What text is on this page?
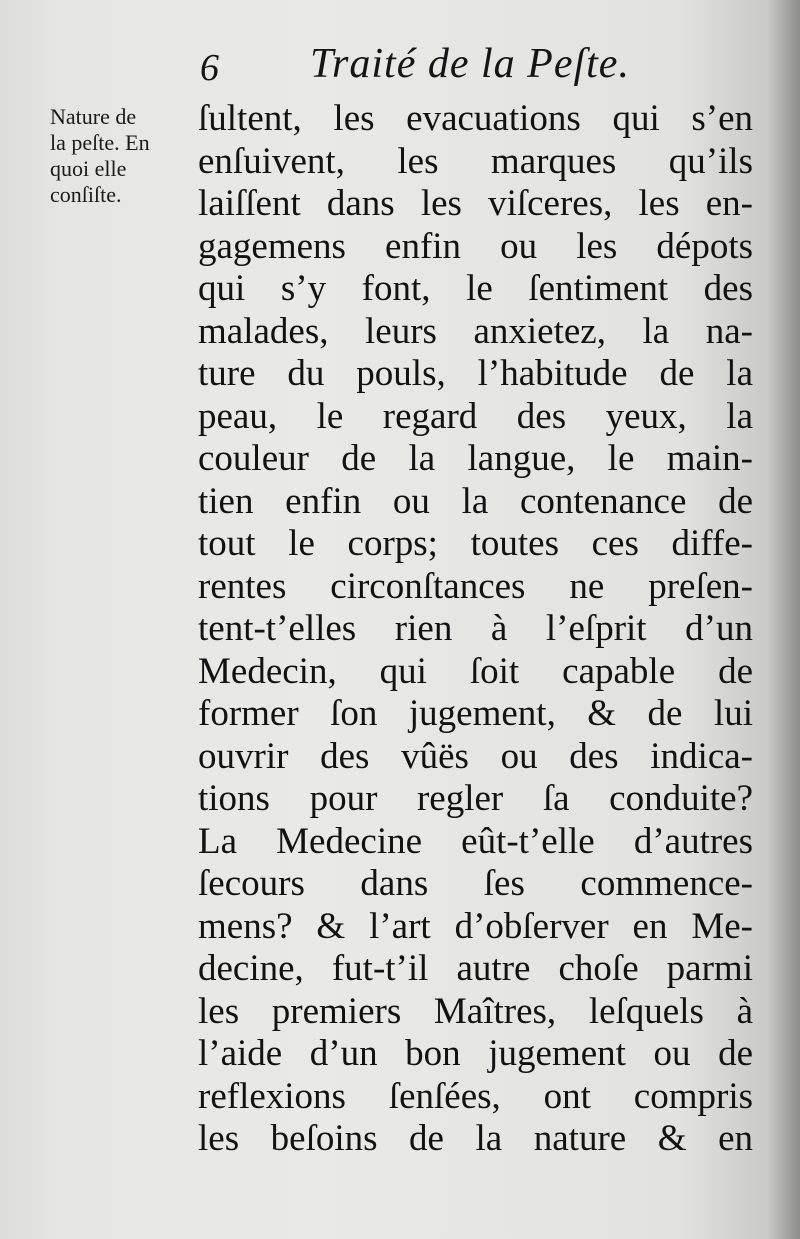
6 Traité de la Peſte.
Nature de
la peſte. En
quoi elle
conſiſte.
ſultent, les evacuations qui s’en
enſuivent, les marques qu’ils
laiſſent dans les viſceres, les en-
gagemens enfin ou les dépots
qui s’y font, le ſentiment des
malades, leurs anxietez, la na-
ture du pouls, l’habitude de la
peau, le regard des yeux, la
couleur de la langue, le main-
tien enfin ou la contenance de
tout le corps; toutes ces diffe-
rentes circonſtances ne preſen-
tent-t’elles rien à l’eſprit d’un
Medecin, qui ſoit capable de
former ſon jugement, & de lui
ouvrir des vûës ou des indica-
tions pour regler ſa conduite?
La Medecine eût-t’elle d’autres
ſecours dans ſes commence-
mens? & l’art d’obſerver en Me-
decine, fut-t’il autre choſe parmi
les premiers Maîtres, leſquels à
l’aide d’un bon jugement ou de
reflexions ſenſées, ont compris
les beſoins de la nature & en
